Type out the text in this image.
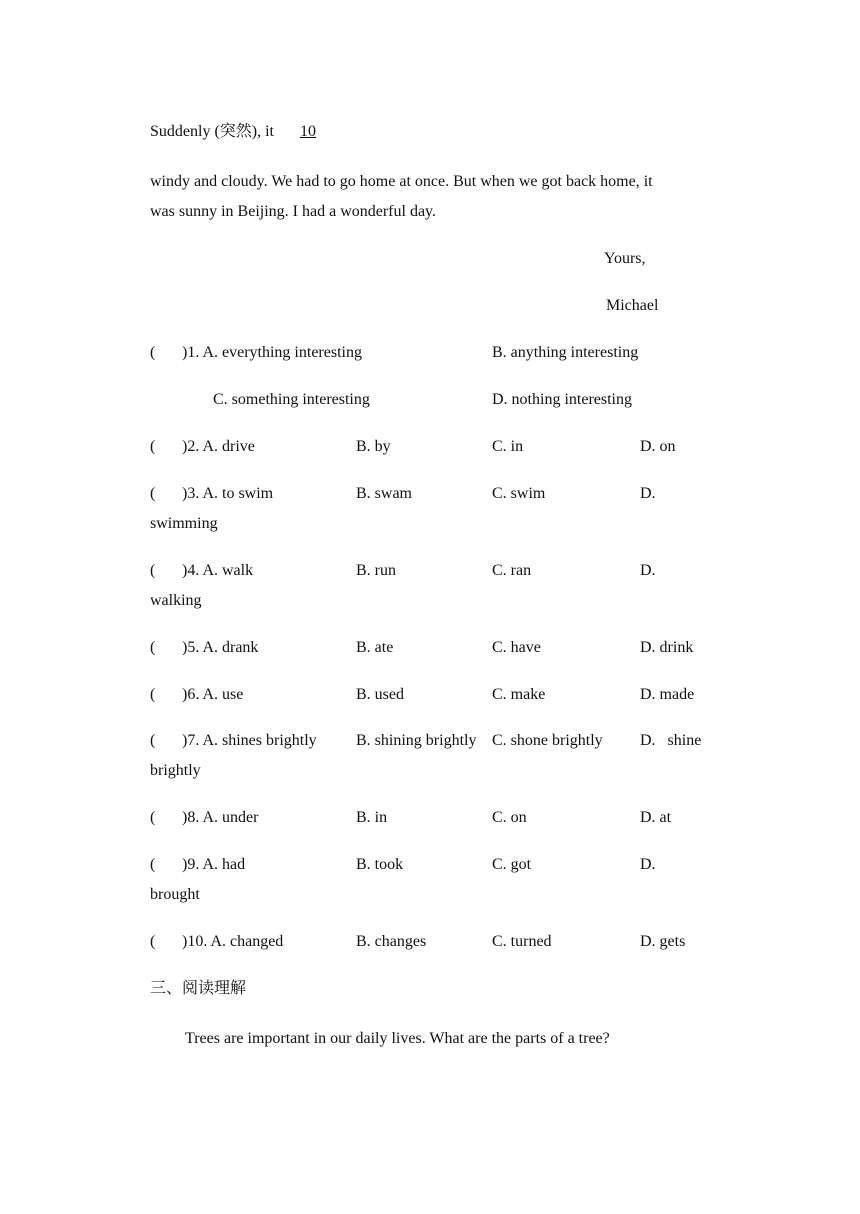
Suddenly (突然), it 10
windy and cloudy. We had to go home at once. But when we got back home, it
was sunny in Beijing. I had a wonderful day.
Yours,
Michael
( )1. A. everything interesting	B. anything interesting
C. something interesting	D. nothing interesting
( )2. A. drive	B. by	C. in	D. on
( )3. A. to swim	B. swam	C. swim	D.
swimming
( )4. A. walk	B. run	C. ran	D.
walking
( )5. A. drank	B. ate	C. have	D. drink
( )6. A. use	B. used	C. make	D. made
( )7. A. shines brightly B. shining brightly C. shone brightly D.   shine
brightly
( )8. A. under	B. in	C. on	D. at
( )9. A. had	B. took	C. got	D.
brought
( )10. A. changed	B. changes	C. turned	D. gets
三、阅读理解
Trees are important in our daily lives. What are the parts of a tree?
